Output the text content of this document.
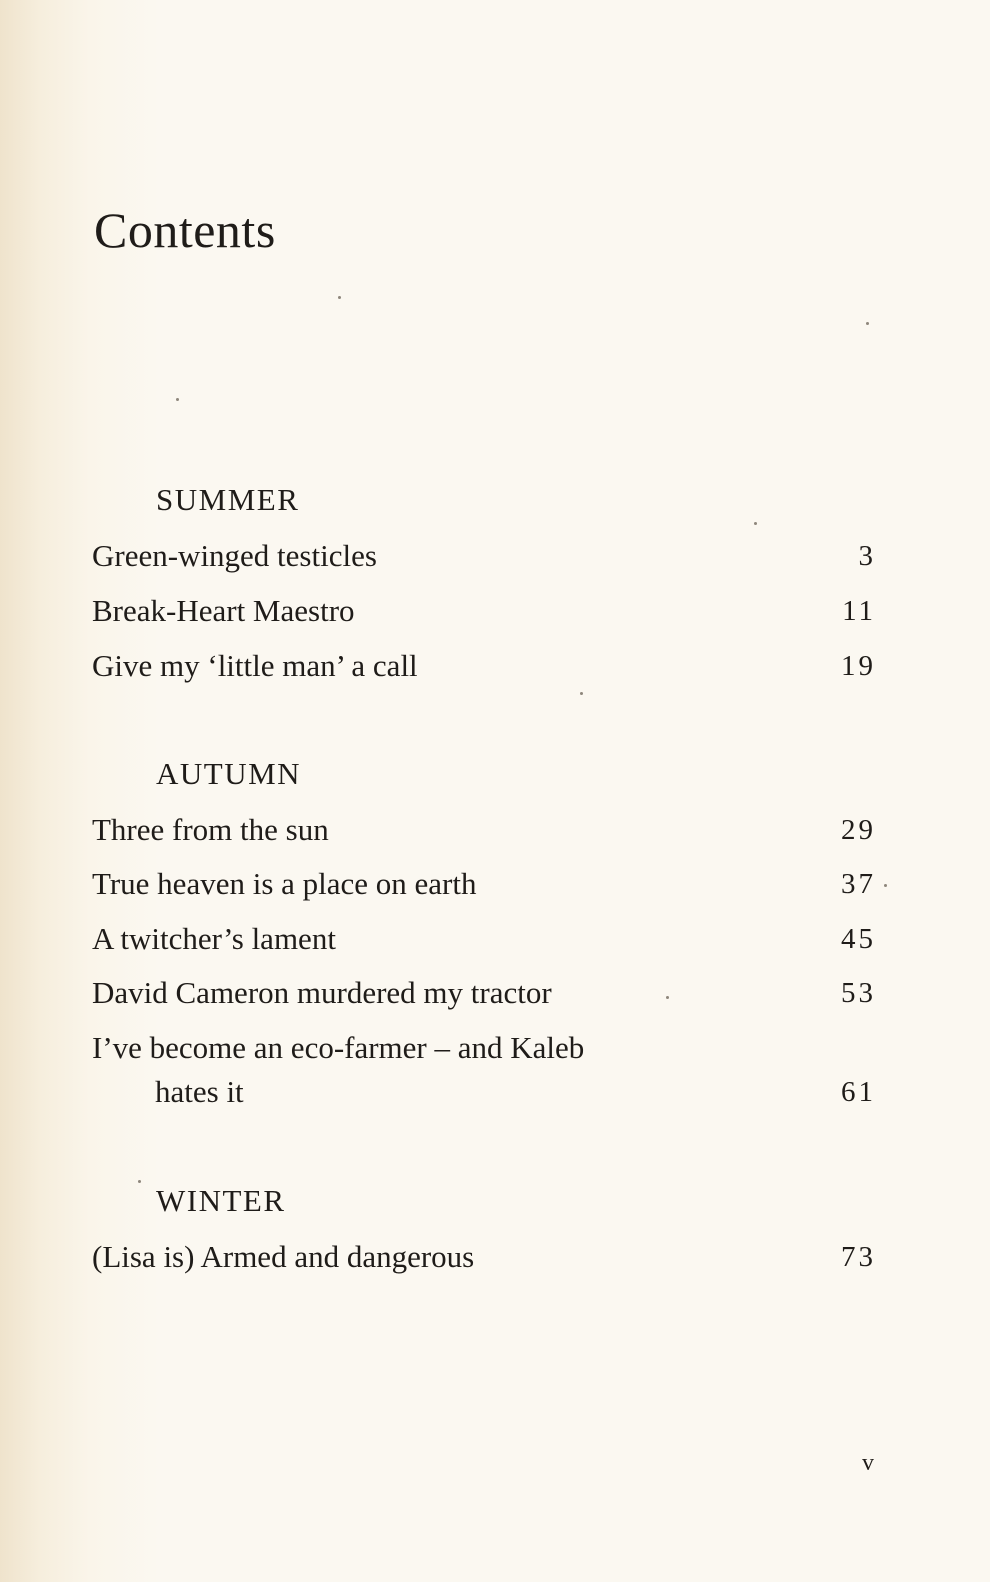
Contents
SUMMER
Green-winged testicles	3
Break-Heart Maestro	11
Give my ‘little man’ a call	19
AUTUMN
Three from the sun	29
True heaven is a place on earth	37
A twitcher’s lament	45
David Cameron murdered my tractor	53
I’ve become an eco-farmer – and Kaleb
hates it	61
WINTER
(Lisa is) Armed and dangerous	73
v
